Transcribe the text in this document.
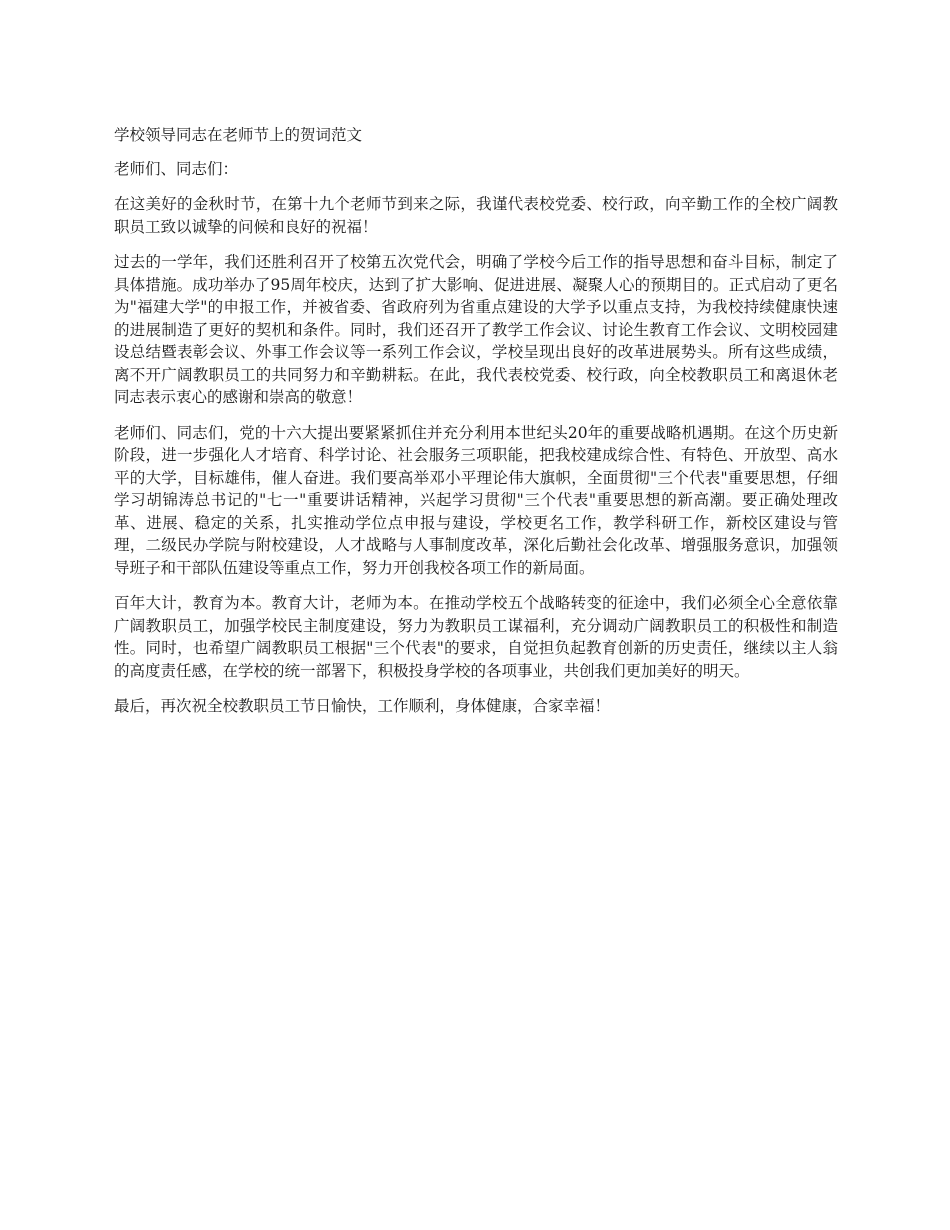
学校领导同志在老师节上的贺词范文
老师们、同志们：

在这美好的金秋时节，在第十九个老师节到来之际，我谨代表校党委、校行政，向辛勤工作的全校广阔教职员工致以诚挚的问候和良好的祝福！

过去的一学年，我们还胜利召开了校第五次党代会，明确了学校今后工作的指导思想和奋斗目标，制定了具体措施。成功举办了95周年校庆，达到了扩大影响、促进进展、凝聚人心的预期目的。正式启动了更名为"福建大学"的申报工作，并被省委、省政府列为省重点建设的大学予以重点支持，为我校持续健康快速的进展制造了更好的契机和条件。同时，我们还召开了教学工作会议、讨论生教育工作会议、文明校园建设总结暨表彰会议、外事工作会议等一系列工作会议，学校呈现出良好的改革进展势头。所有这些成绩，离不开广阔教职员工的共同努力和辛勤耕耘。在此，我代表校党委、校行政，向全校教职员工和离退休老同志表示衷心的感谢和崇高的敬意！

老师们、同志们，党的十六大提出要紧紧抓住并充分利用本世纪头20年的重要战略机遇期。在这个历史新阶段，进一步强化人才培育、科学讨论、社会服务三项职能，把我校建成综合性、有特色、开放型、高水平的大学，目标雄伟，催人奋进。我们要高举邓小平理论伟大旗帜，全面贯彻"三个代表"重要思想，仔细学习胡锦涛总书记的"七一"重要讲话精神，兴起学习贯彻"三个代表"重要思想的新高潮。要正确处理改革、进展、稳定的关系，扎实推动学位点申报与建设，学校更名工作，教学科研工作，新校区建设与管理，二级民办学院与附校建设，人才战略与人事制度改革，深化后勤社会化改革、增强服务意识，加强领导班子和干部队伍建设等重点工作，努力开创我校各项工作的新局面。

百年大计，教育为本。教育大计，老师为本。在推动学校五个战略转变的征途中，我们必须全心全意依靠广阔教职员工，加强学校民主制度建设，努力为教职员工谋福利，充分调动广阔教职员工的积极性和制造性。同时，也希望广阔教职员工根据"三个代表"的要求，自觉担负起教育创新的历史责任，继续以主人翁的高度责任感，在学校的统一部署下，积极投身学校的各项事业，共创我们更加美好的明天。

最后，再次祝全校教职员工节日愉快，工作顺利，身体健康，合家幸福！
